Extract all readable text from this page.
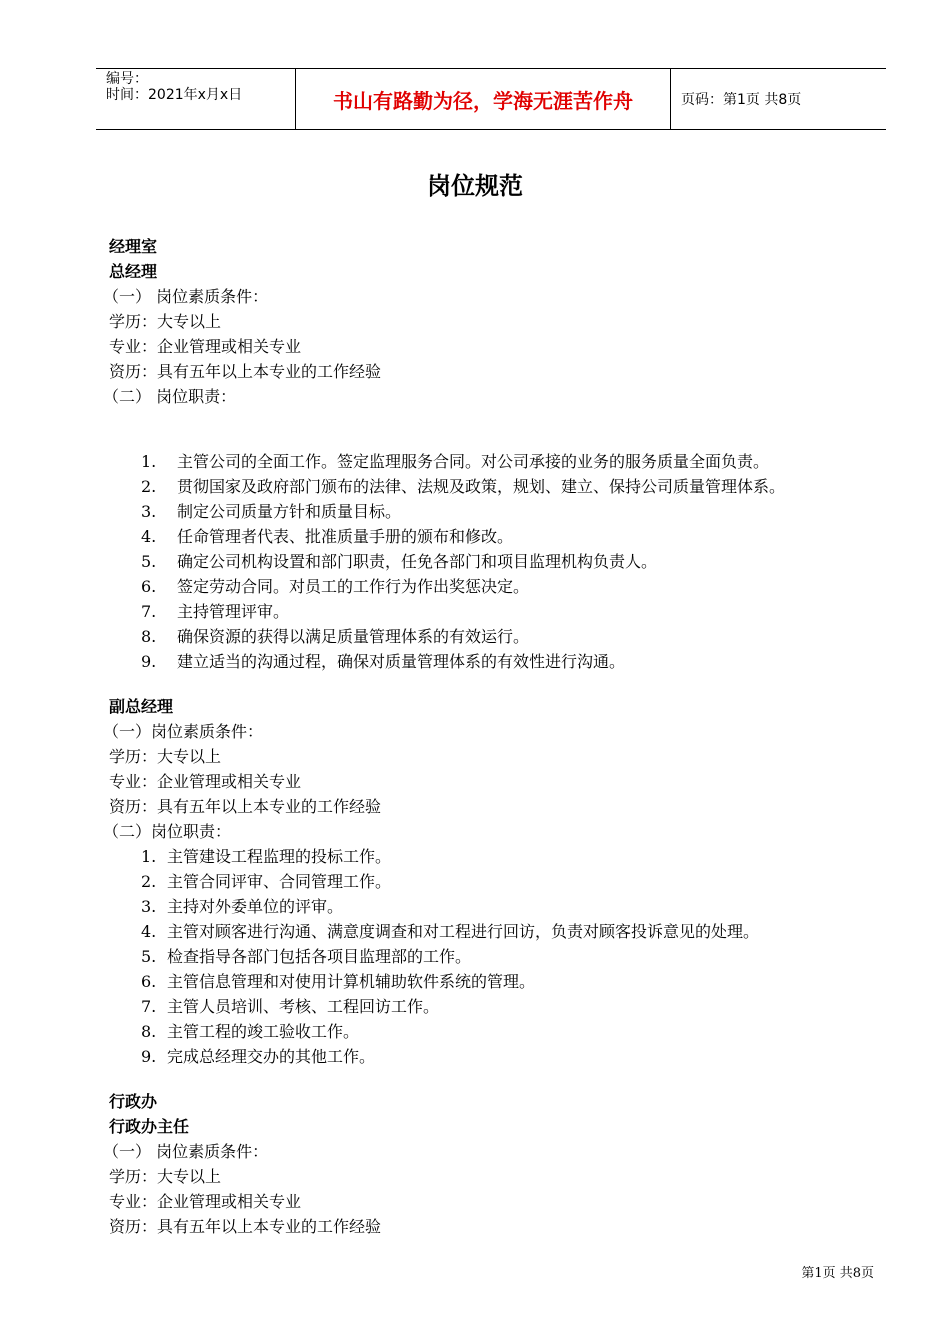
编号：
时间：2021年x月x日	书山有路勤为径，学海无涯苦作舟	页码：第1页 共8页
岗位规范
经理室
总经理
（一） 岗位素质条件：
学历：大专以上
专业：企业管理或相关专业
资历：具有五年以上本专业的工作经验
（二） 岗位职责：
1.	主管公司的全面工作。签定监理服务合同。对公司承接的业务的服务质量全面负责。
2.	贯彻国家及政府部门颁布的法律、法规及政策，规划、建立、保持公司质量管理体系。
3.	制定公司质量方针和质量目标。
4.	任命管理者代表、批准质量手册的颁布和修改。
5.	确定公司机构设置和部门职责，任免各部门和项目监理机构负责人。
6.	签定劳动合同。对员工的工作行为作出奖惩决定。
7.	主持管理评审。
8.	确保资源的获得以满足质量管理体系的有效运行。
9.	建立适当的沟通过程，确保对质量管理体系的有效性进行沟通。
副总经理
（一）岗位素质条件：
学历：大专以上
专业：企业管理或相关专业
资历：具有五年以上本专业的工作经验
（二）岗位职责：
1. 主管建设工程监理的投标工作。
2. 主管合同评审、合同管理工作。
3. 主持对外委单位的评审。
4. 主管对顾客进行沟通、满意度调查和对工程进行回访，负责对顾客投诉意见的处理。
5. 检查指导各部门包括各项目监理部的工作。
6. 主管信息管理和对使用计算机辅助软件系统的管理。
7. 主管人员培训、考核、工程回访工作。
8. 主管工程的竣工验收工作。
9. 完成总经理交办的其他工作。
行政办
行政办主任
（一） 岗位素质条件：
学历：大专以上
专业：企业管理或相关专业
资历：具有五年以上本专业的工作经验
第1页 共8页
